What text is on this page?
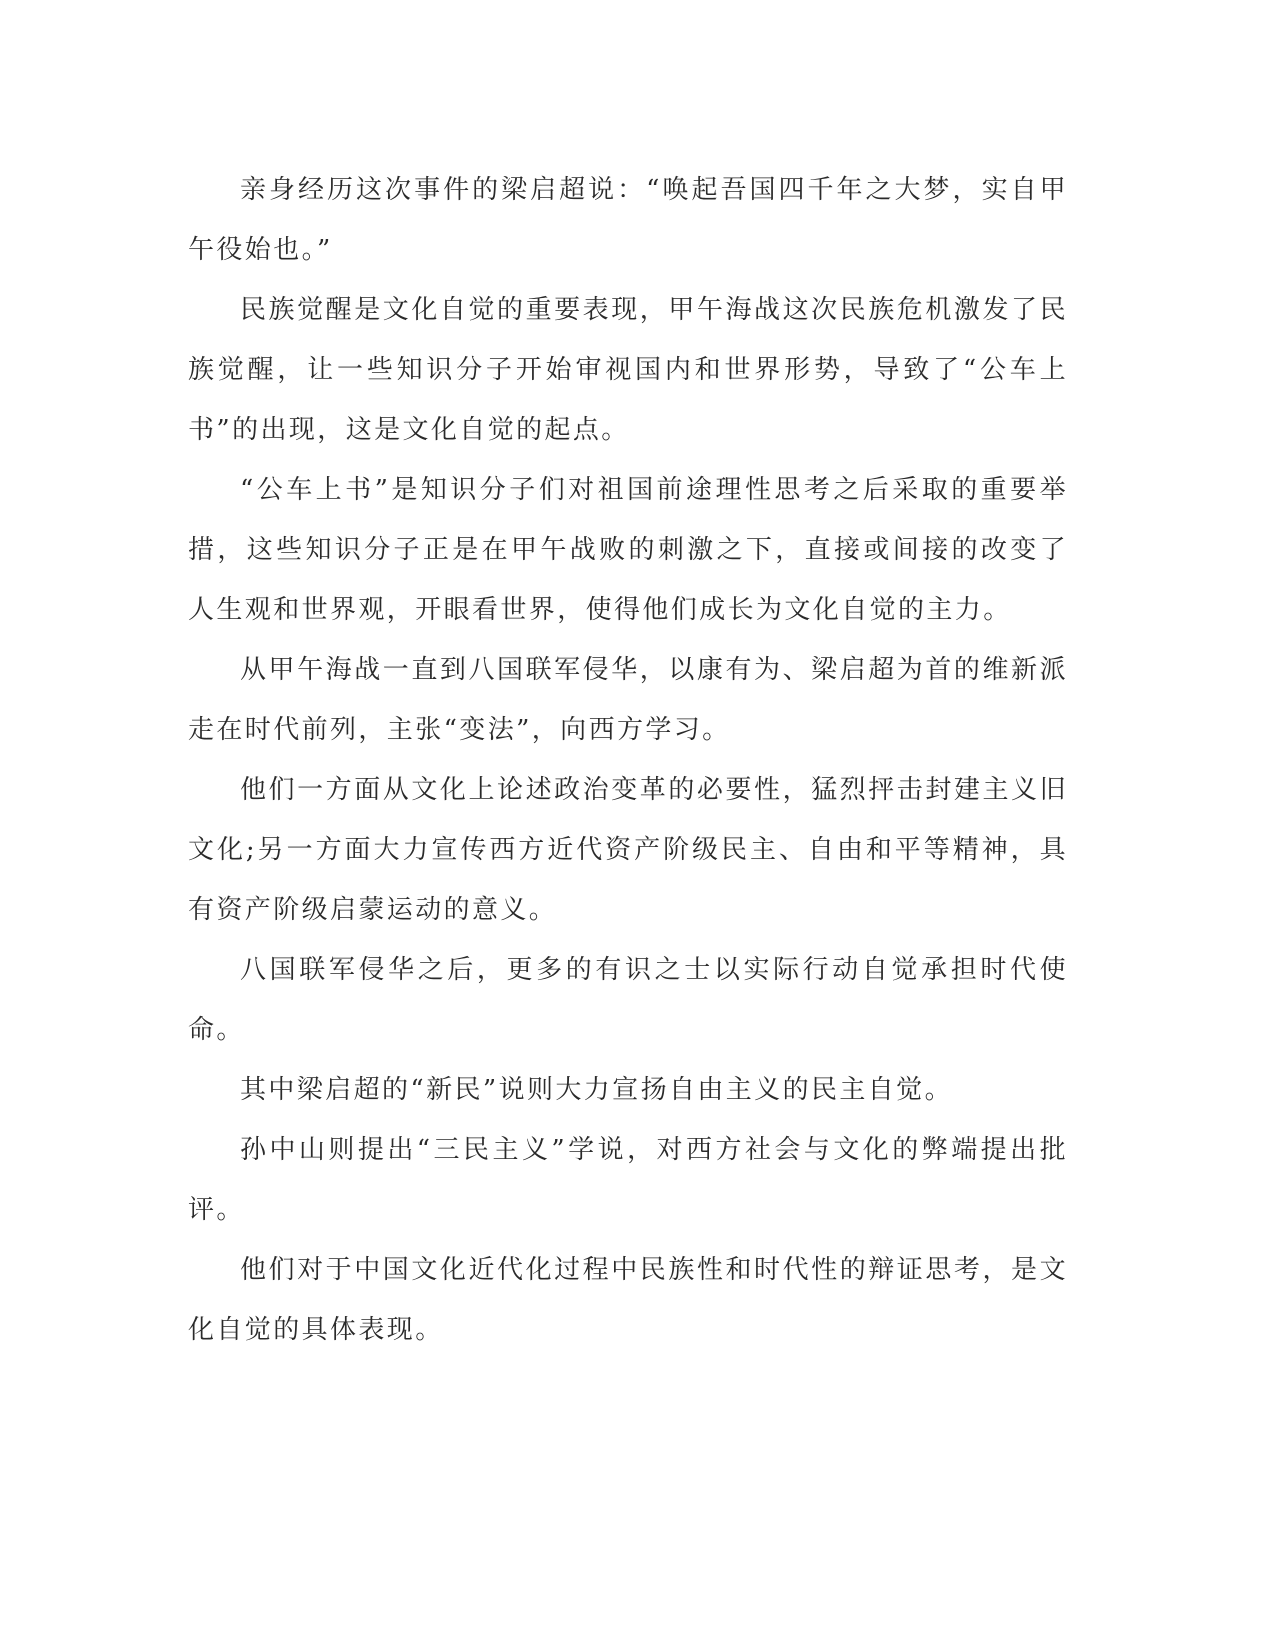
亲身经历这次事件的梁启超说：“唤起吾国四千年之大梦，实自甲午役始也。”

民族觉醒是文化自觉的重要表现，甲午海战这次民族危机激发了民族觉醒，让一些知识分子开始审视国内和世界形势，导致了“公车上书”的出现，这是文化自觉的起点。

“公车上书”是知识分子们对祖国前途理性思考之后采取的重要举措，这些知识分子正是在甲午战败的刺激之下，直接或间接的改变了人生观和世界观，开眼看世界，使得他们成长为文化自觉的主力。

从甲午海战一直到八国联军侵华，以康有为、梁启超为首的维新派走在时代前列，主张“变法”，向西方学习。

他们一方面从文化上论述政治变革的必要性，猛烈抨击封建主义旧文化;另一方面大力宣传西方近代资产阶级民主、自由和平等精神，具有资产阶级启蒙运动的意义。

八国联军侵华之后，更多的有识之士以实际行动自觉承担时代使命。

其中梁启超的“新民”说则大力宣扬自由主义的民主自觉。

孙中山则提出“三民主义”学说，对西方社会与文化的弊端提出批评。

他们对于中国文化近代化过程中民族性和时代性的辩证思考，是文化自觉的具体表现。
